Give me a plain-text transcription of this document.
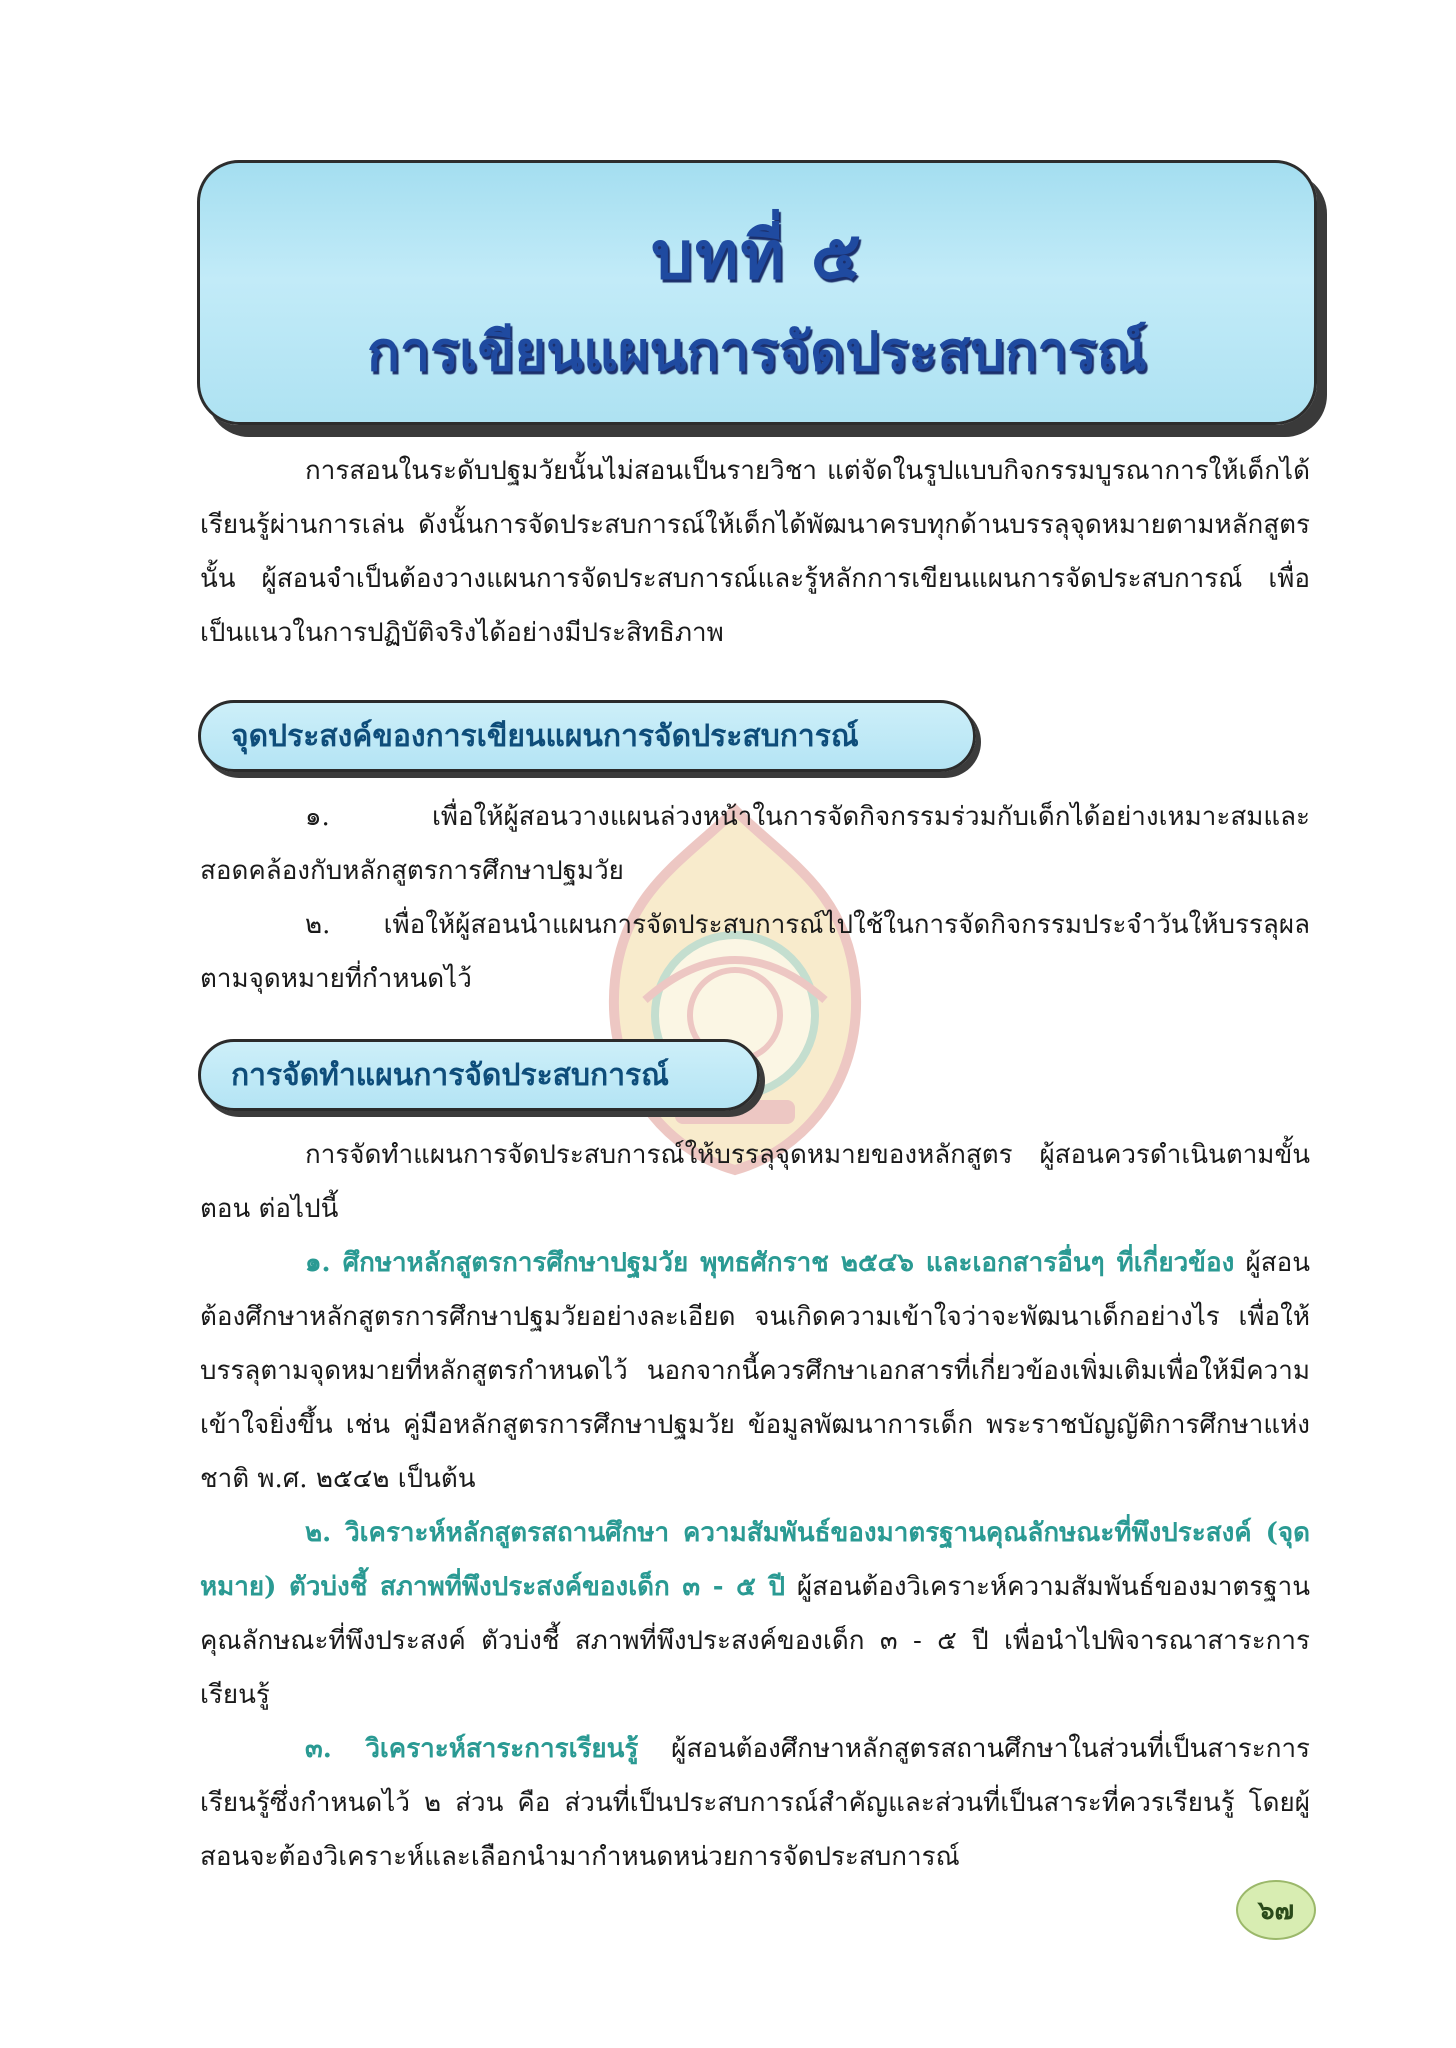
บทที่ ๕
การเขียนแผนการจัดประสบการณ์

การสอนในระดับปฐมวัยนั้นไม่สอนเป็นรายวิชา แต่จัดในรูปแบบกิจกรรมบูรณาการให้เด็กได้เรียนรู้ผ่านการเล่น ดังนั้นการจัดประสบการณ์ให้เด็กได้พัฒนาครบทุกด้านบรรลุจุดหมายตามหลักสูตรนั้น ผู้สอนจำเป็นต้องวางแผนการจัดประสบการณ์และรู้หลักการเขียนแผนการจัดประสบการณ์ เพื่อเป็นแนวในการปฏิบัติจริงได้อย่างมีประสิทธิภาพ

จุดประสงค์ของการเขียนแผนการจัดประสบการณ์

๑. เพื่อให้ผู้สอนวางแผนล่วงหน้าในการจัดกิจกรรมร่วมกับเด็กได้อย่างเหมาะสมและสอดคล้องกับหลักสูตรการศึกษาปฐมวัย

๒. เพื่อให้ผู้สอนนำแผนการจัดประสบการณ์ไปใช้ในการจัดกิจกรรมประจำวันให้บรรลุผลตามจุดหมายที่กำหนดไว้

การจัดทำแผนการจัดประสบการณ์

การจัดทำแผนการจัดประสบการณ์ให้บรรลุจุดหมายของหลักสูตร ผู้สอนควรดำเนินตามขั้นตอน ต่อไปนี้

๑. ศึกษาหลักสูตรการศึกษาปฐมวัย พุทธศักราช ๒๕๔๖ และเอกสารอื่นๆ ที่เกี่ยวข้อง ผู้สอนต้องศึกษาหลักสูตรการศึกษาปฐมวัยอย่างละเอียด จนเกิดความเข้าใจว่าจะพัฒนาเด็กอย่างไร เพื่อให้บรรลุตามจุดหมายที่หลักสูตรกำหนดไว้ นอกจากนี้ควรศึกษาเอกสารที่เกี่ยวข้องเพิ่มเติมเพื่อให้มีความเข้าใจยิ่งขึ้น เช่น คู่มือหลักสูตรการศึกษาปฐมวัย ข้อมูลพัฒนาการเด็ก พระราชบัญญัติการศึกษาแห่งชาติ พ.ศ. ๒๕๔๒ เป็นต้น

๒. วิเคราะห์หลักสูตรสถานศึกษา ความสัมพันธ์ของมาตรฐานคุณลักษณะที่พึงประสงค์ (จุดหมาย) ตัวบ่งชี้ สภาพที่พึงประสงค์ของเด็ก ๓ - ๕ ปี ผู้สอนต้องวิเคราะห์ความสัมพันธ์ของมาตรฐานคุณลักษณะที่พึงประสงค์ ตัวบ่งชี้ สภาพที่พึงประสงค์ของเด็ก ๓ - ๕ ปี เพื่อนำไปพิจารณาสาระการเรียนรู้

๓. วิเคราะห์สาระการเรียนรู้ ผู้สอนต้องศึกษาหลักสูตรสถานศึกษาในส่วนที่เป็นสาระการเรียนรู้ซึ่งกำหนดไว้ ๒ ส่วน คือ ส่วนที่เป็นประสบการณ์สำคัญและส่วนที่เป็นสาระที่ควรเรียนรู้ โดยผู้สอนจะต้องวิเคราะห์และเลือกนำมากำหนดหน่วยการจัดประสบการณ์

๖๗
